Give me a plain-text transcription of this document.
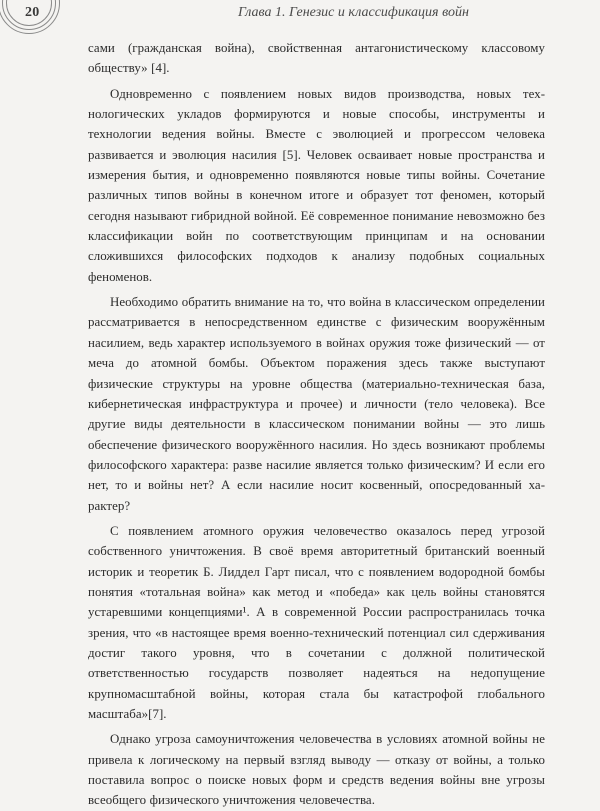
20	Глава 1. Генезис и классификация войн

сами (гражданская война), свойственная антагонистическому классовому обществу» [4].

Одновременно с появлением новых видов производства, новых технологических укладов формируются и новые способы, инструменты и технологии ведения войны. Вместе с эволюцией и прогрессом человека развивается и эволюция насилия [5]. Человек осваивает новые пространства и измерения бытия, и одновременно появляются новые типы войны. Сочетание различных типов войны в конечном итоге и образует тот феномен, который сегодня называют гибридной войной. Её современное понимание невозможно без классификации войн по соответствующим принципам и на основании сложившихся философских подходов к анализу подобных социальных феноменов.

Необходимо обратить внимание на то, что война в классическом определении рассматривается в непосредственном единстве с физическим вооружённым насилием, ведь характер используемого в войнах оружия тоже физический — от меча до атомной бомбы. Объектом поражения здесь также выступают физические структуры на уровне общества (материально-техническая база, кибернетическая инфраструктура и прочее) и личности (тело человека). Все другие виды деятельности в классическом понимании войны — это лишь обеспечение физического вооружённого насилия. Но здесь возникают проблемы философского характера: разве насилие является только физическим? И если его нет, то и войны нет? А если насилие носит косвенный, опосредованный характер?

С появлением атомного оружия человечество оказалось перед угрозой собственного уничтожения. В своё время авторитетный британский военный историк и теоретик Б. Лиддел Гарт писал, что с появлением водородной бомбы понятия «тотальная война» как метод и «победа» как цель войны становятся устаревшими концепциями¹. А в современной России распространилась точка зрения, что «в настоящее время военно-технический потенциал сил сдерживания достиг такого уровня, что в сочетании с должной политической ответственностью государств позволяет надеяться на недопущение крупномасштабной войны, которая стала бы катастрофой глобального масштаба»[7].

Однако угроза самоуничтожения человечества в условиях атомной войны не привела к логическому на первый взгляд выводу — отказу от войны, а только поставила вопрос о поиске новых форм и средств ведения войны вне угрозы всеобщего физического уничтожения человечества.
